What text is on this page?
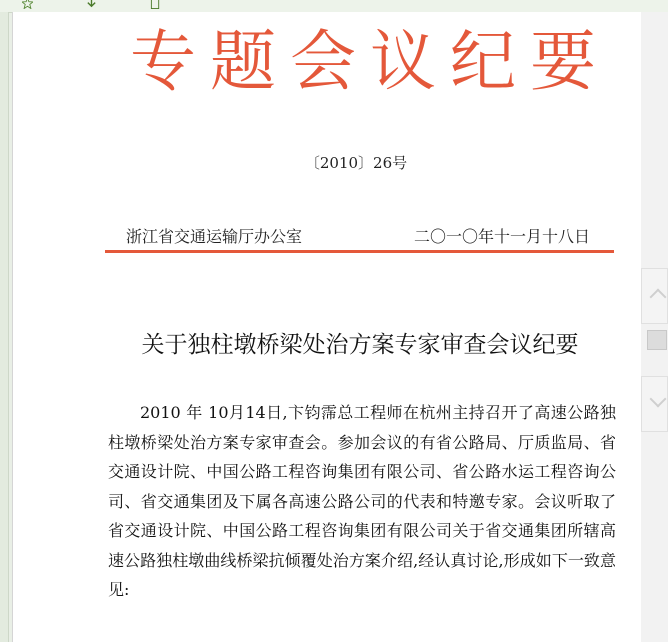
专题会议纪要
〔2010〕26号
浙江省交通运输厅办公室	二〇一〇年十一月十八日
关于独柱墩桥梁处治方案专家审查会议纪要
2010 年 10月14日,卞钧霈总工程师在杭州主持召开了高速公路独柱墩桥梁处治方案专家审查会。参加会议的有省公路局、厅质监局、省交通设计院、中国公路工程咨询集团有限公司、省公路水运工程咨询公司、省交通集团及下属各高速公路公司的代表和特邀专家。会议听取了省交通设计院、中国公路工程咨询集团有限公司关于省交通集团所辖高速公路独柱墩曲线桥梁抗倾覆处治方案介绍,经认真讨论,形成如下一致意见:
